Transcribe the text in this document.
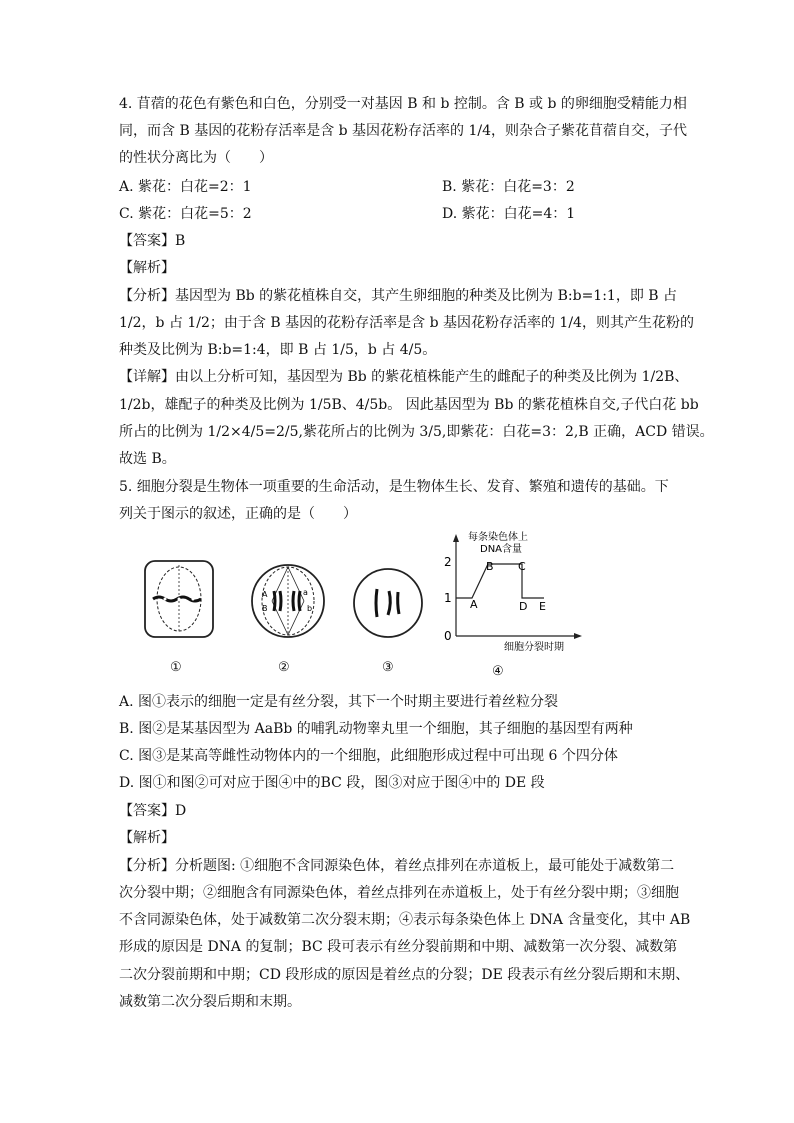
4. 苜蓿的花色有紫色和白色，分别受一对基因 B 和 b 控制。含 B 或 b 的卵细胞受精能力相
同，而含 B 基因的花粉存活率是含 b 基因花粉存活率的 1/4，则杂合子紫花苜蓿自交，子代
的性状分离比为（　　）
A. 紫花：白花=2：1	B. 紫花：白花=3：2
C. 紫花：白花=5：2	D. 紫花：白花=4：1
【答案】B
【解析】
【分析】基因型为 Bb 的紫花植株自交，其产生卵细胞的种类及比例为 B:b=1:1，即 B 占
1/2，b 占 1/2；由于含 B 基因的花粉存活率是含 b 基因花粉存活率的 1/4，则其产生花粉的
种类及比例为 B:b=1:4，即 B 占 1/5，b 占 4/5。
【详解】由以上分析可知，基因型为 Bb 的紫花植株能产生的雌配子的种类及比例为 1/2B、
1/2b，雄配子的种类及比例为 1/5B、4/5b。 因此基因型为 Bb 的紫花植株自交,子代白花 bb
所占的比例为 1/2×4/5=2/5,紫花所占的比例为 3/5,即紫花：白花=3：2,B 正确，ACD 错误。
故选 B。
5. 细胞分裂是生物体一项重要的生命活动，是生物体生长、发育、繁殖和遗传的基础。下
列关于图示的叙述，正确的是（　　）
①
A	a
B	b
②	③
每条染色体上
DNA含量
2
1
0
A
B C
D E
细胞分裂时期
④
A. 图①表示的细胞一定是有丝分裂，其下一个时期主要进行着丝粒分裂
B. 图②是某基因型为 AaBb 的哺乳动物睾丸里一个细胞，其子细胞的基因型有两种
C. 图③是某高等雌性动物体内的一个细胞，此细胞形成过程中可出现 6 个四分体
D. 图①和图②可对应于图④中的BC 段，图③对应于图④中的 DE 段
【答案】D
【解析】
【分析】分析题图: ①细胞不含同源染色体，着丝点排列在赤道板上，最可能处于减数第二
次分裂中期；②细胞含有同源染色体，着丝点排列在赤道板上，处于有丝分裂中期；③细胞
不含同源染色体，处于减数第二次分裂末期；④表示每条染色体上 DNA 含量变化，其中 AB
形成的原因是 DNA 的复制；BC 段可表示有丝分裂前期和中期、减数第一次分裂、减数第
二次分裂前期和中期；CD 段形成的原因是着丝点的分裂；DE 段表示有丝分裂后期和末期、
减数第二次分裂后期和末期。
